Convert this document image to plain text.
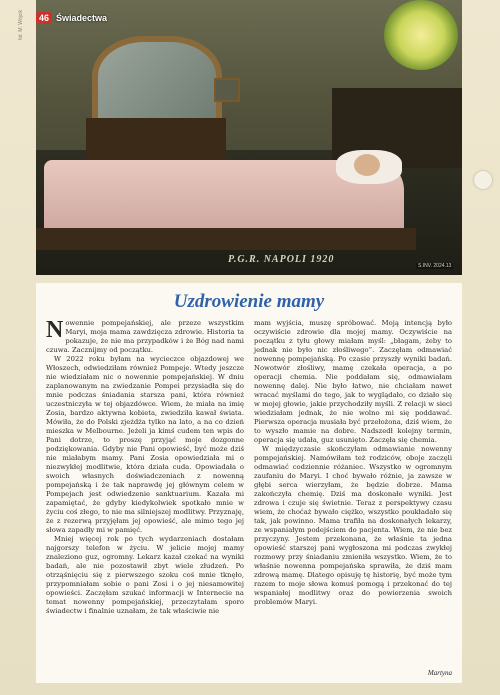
P.G.R. NAPOLI 1920
S.INV. 2024.13
46 Świadectwa
fot. M. Wójcik
Uzdrowienie mamy

Nowennie pompejańskiej, ale przeze wszystkim Maryi, moja mama zawdzięcza zdrowie. Historia ta pokazuje, że nie ma przypadków i że Bóg nad nami czuwa. Zacznijmy od początku.

W 2022 roku byłam na wycieczce objazdowej we Włoszech, odwiedziłam również Pompeje. Wtedy jeszcze nie wiedziałam nic o nowennie pompejańskiej. W dniu zaplanowanym na zwiedzanie Pompei przysiadła się do mnie podczas śniadania starsza pani, która również uczestniczyła w tej objazdówce. Wiem, że miała na imię Zosia, bardzo aktywna kobieta, zwiedziła kawał świata. Mówiła, że do Polski zjeżdża tylko na lato, a na co dzień mieszka w Melbourne. Jeżeli ja kimś cudem ten wpis do Pani dotrze, to proszę przyjąć moje dozgonne podziękowania. Gdyby nie Pani opowieść, być może dziś nie miałabym mamy. Pani Zosia opowiedziała mi o niezwykłej modlitwie, która działa cuda. Opowiadała o swoich własnych doświadczeniach z nowenną pompejańską i że tak naprawdę jej głównym celem w Pompejach jest odwiedzenie sanktuarium. Kazała mi zapamiętać, że gdyby kiedykolwiek spotkało mnie w życiu coś złego, to nie ma silniejszej modlitwy. Przyznaję, że z rezerwą przyjęłam jej opowieść, ale mimo tego jej słowa zapadły mi w pamięć.

Mniej więcej rok po tych wydarzeniach dostałam najgorszy telefon w życiu. W jelicie mojej mamy znaleziono guz, ogromny. Lekarz kazał czekać na wyniki badań, ale nie pozostawił zbyt wiele złudzeń. Po otrząśnięciu się z pierwszego szoku coś mnie tknęło, przypomniałam sobie o pani Zosi i o jej niesamowitej opowieści. Zaczęłam szukać informacji w Internecie na temat nowenny pompejańskiej, przeczytałam sporo świadectw i finalnie uznałam, że tak właściwie nie

mam wyjścia, muszę spróbować. Moją intencją było oczywiście zdrowie dla mojej mamy. Oczywiście na początku z tyłu głowy miałam myśl: „błagam, żeby to jednak nie było nic złośliwego”. Zaczęłam odmawiać nowennę pompejańską. Po czasie przyszły wyniki badań. Nowotwór złośliwy, mamę czekała operacja, a po operacji chemia. Nie poddałam się, odmawiałam nowennę dalej. Nie było łatwo, nie chciałam nawet wracać myślami do tego, jak to wyglądało, co działo się w mojej głowie, jakie przychodziły myśli. Z relacji w sieci wiedziałam jednak, że nie wolno mi się poddawać. Pierwsza operacja musiała być przełożona, dziś wiem, że to wyszło mamie na dobre. Nadszedł kolejny termin, operacja się udała, guz usunięto. Zaczęła się chemia.

W międzyczasie skończyłam odmawianie nowenny pompejańskiej. Namówiłam też rodziców, oboje zaczęli odmawiać codziennie różaniec. Wszystko w ogromnym zaufaniu do Maryi. I choć bywało różnie, ja zawsze w głębi serca wierzyłam, że będzie dobrze. Mama zakończyła chemię. Dziś ma doskonałe wyniki. Jest zdrowa i czuje się świetnie. Teraz z perspektywy czasu wiem, że choćaż bywało ciężko, wszystko poukładało się tak, jak powinno. Mama trafiła na doskonałych lekarzy, ze wspaniałym podejściem do pacjenta. Wiem, że nie bez przyczyny. Jestem przekonana, że właśnie ta jedna opowieść starszej pani wygłoszona mi podczas zwykłej rozmowy przy śniadaniu zmieniła wszystko. Wiem, że to właśnie nowenna pompejańska sprawiła, że dziś mam zdrową mamę. Dlatego opisuję tę historię, być może tym razem to moje słowa komuś pomogą i przekonać do tej wspaniałej modlitwy oraz do powierzenia swoich problemów Maryi.

Martyna
